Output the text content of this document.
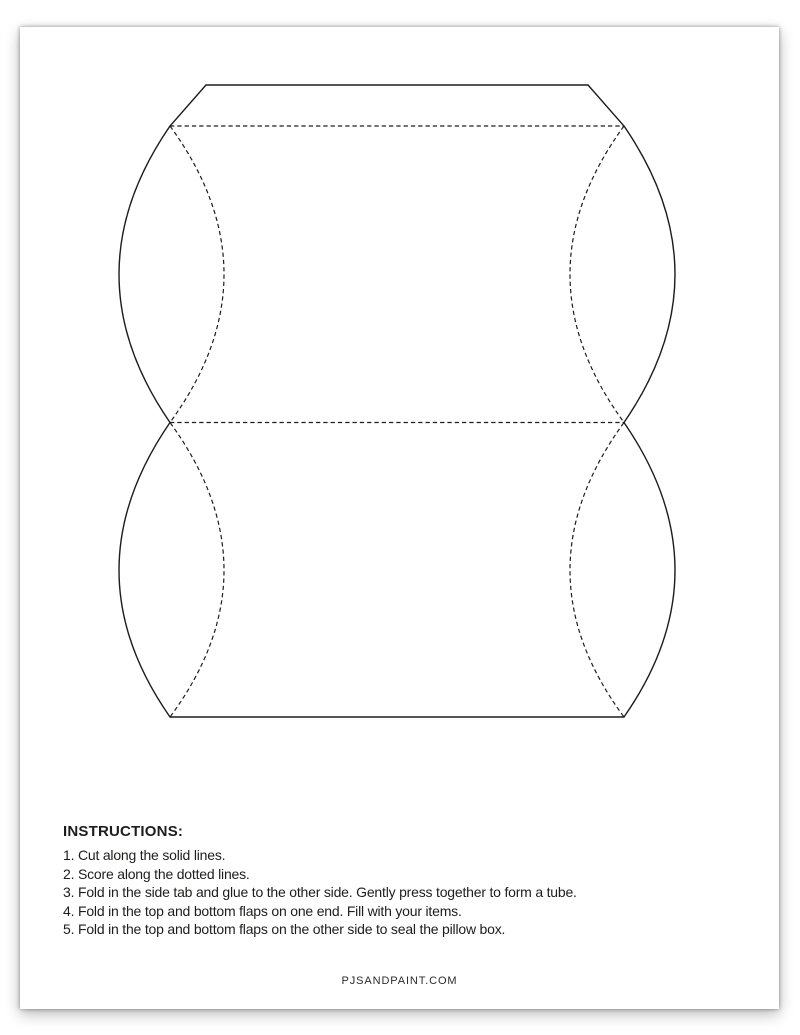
INSTRUCTIONS:
1. Cut along the solid lines.
2. Score along the dotted lines.
3. Fold in the side tab and glue to the other side. Gently press together to form a tube.
4. Fold in the top and bottom flaps on one end. Fill with your items.
5. Fold in the top and bottom flaps on the other side to seal the pillow box.
PJSANDPAINT.COM
